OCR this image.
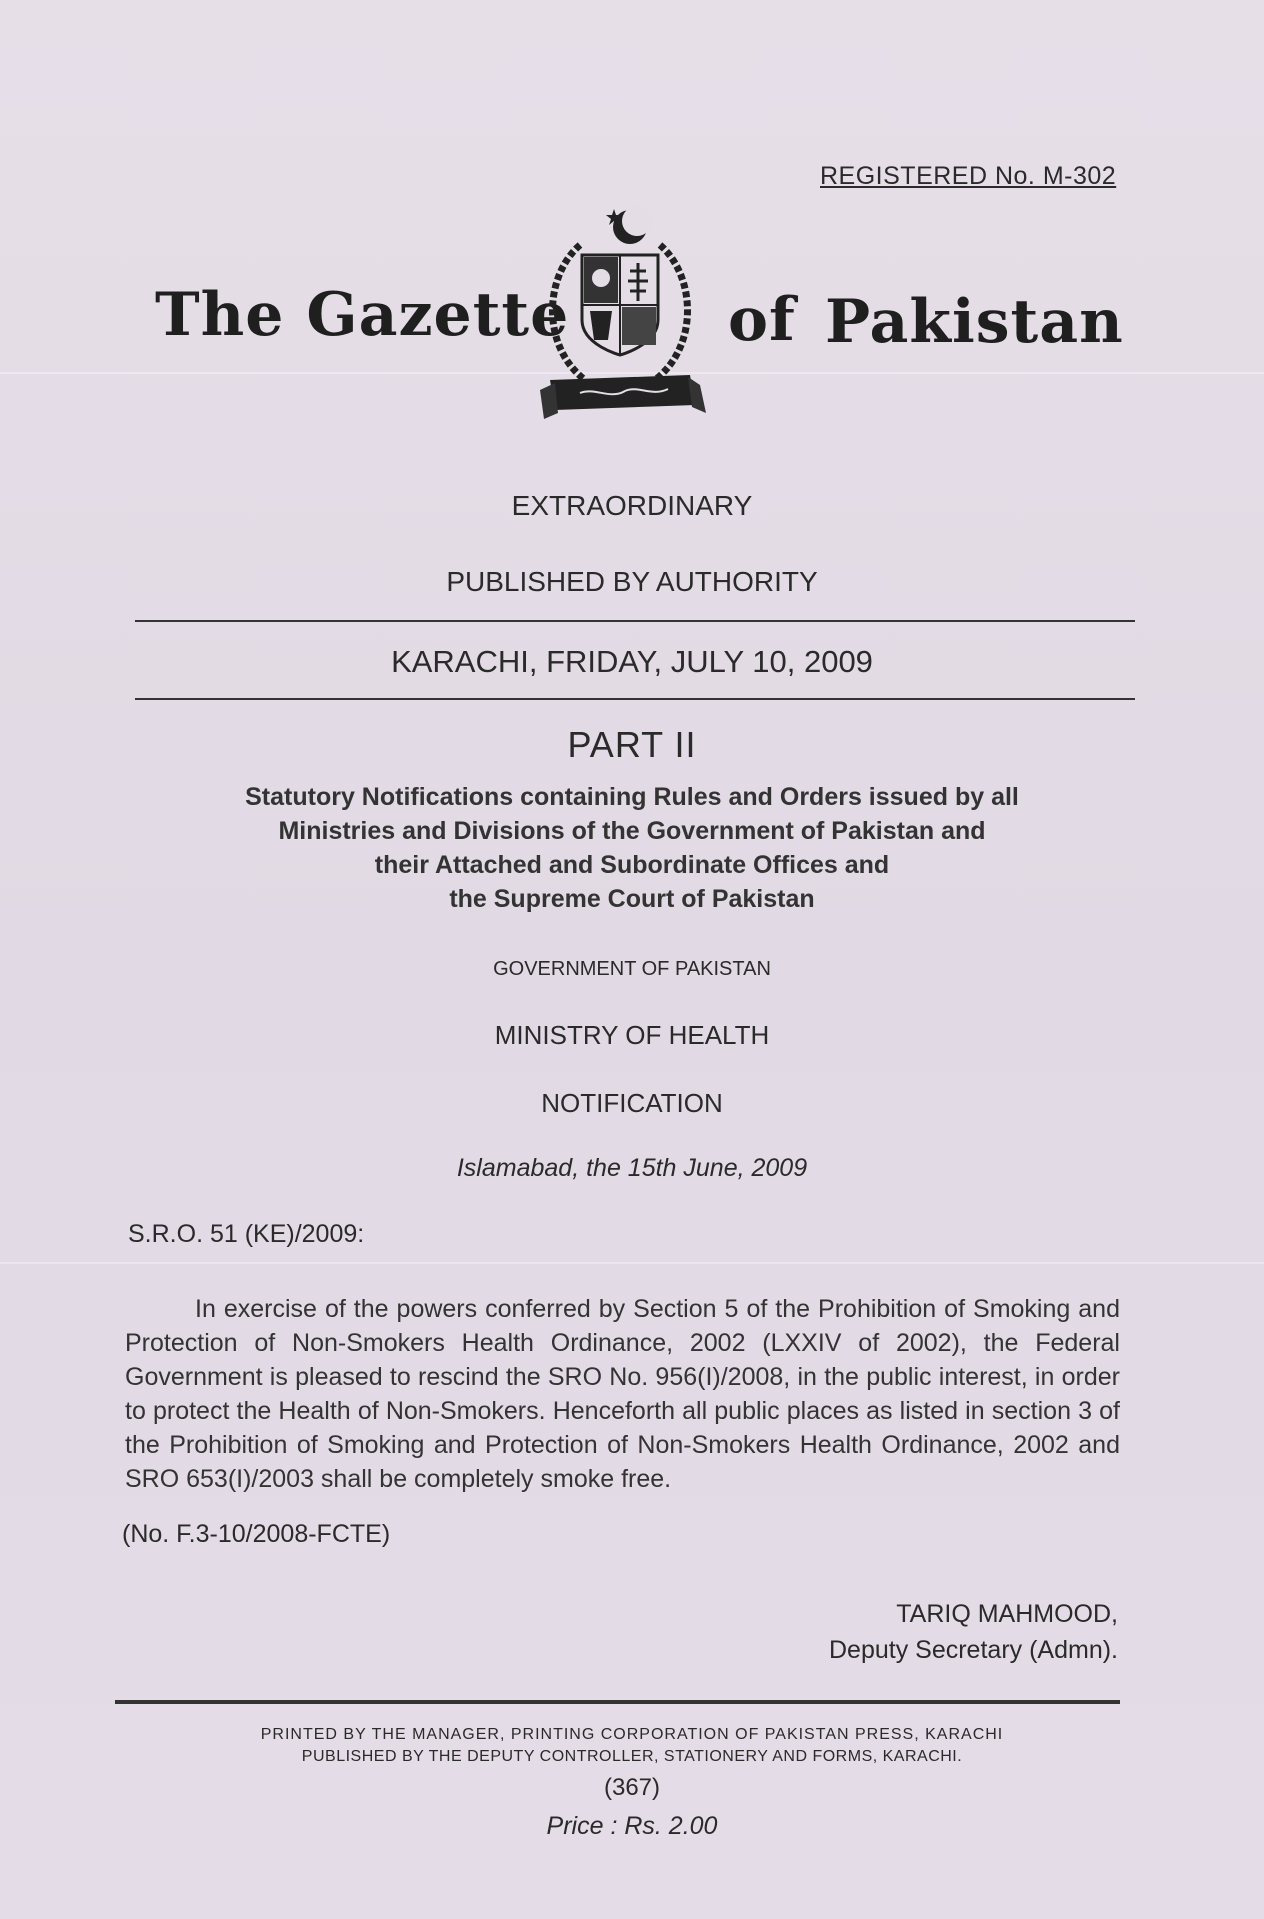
REGISTERED No. M-302
The Gazette	of Pakistan
EXTRAORDINARY
PUBLISHED BY AUTHORITY
KARACHI, FRIDAY, JULY 10, 2009
PART II
Statutory Notifications containing Rules and Orders issued by all
Ministries and Divisions of the Government of Pakistan and
their Attached and Subordinate Offices and
the Supreme Court of Pakistan
GOVERNMENT OF PAKISTAN
MINISTRY OF HEALTH
NOTIFICATION
Islamabad, the 15th June, 2009
S.R.O. 51 (KE)/2009:
In exercise of the powers conferred by Section 5 of the Prohibition of Smoking and Protection of Non-Smokers Health Ordinance, 2002 (LXXIV of 2002), the Federal Government is pleased to rescind the SRO No. 956(I)/2008, in the public interest, in order to protect the Health of Non-Smokers. Henceforth all public places as listed in section 3 of the Prohibition of Smoking and Protection of Non-Smokers Health Ordinance, 2002 and SRO 653(I)/2003 shall be completely smoke free.
(No. F.3-10/2008-FCTE)
TARIQ MAHMOOD,
Deputy Secretary (Admn).
PRINTED BY THE MANAGER, PRINTING CORPORATION OF PAKISTAN PRESS, KARACHI
PUBLISHED BY THE DEPUTY CONTROLLER, STATIONERY AND FORMS, KARACHI.
(367)
Price : Rs. 2.00
